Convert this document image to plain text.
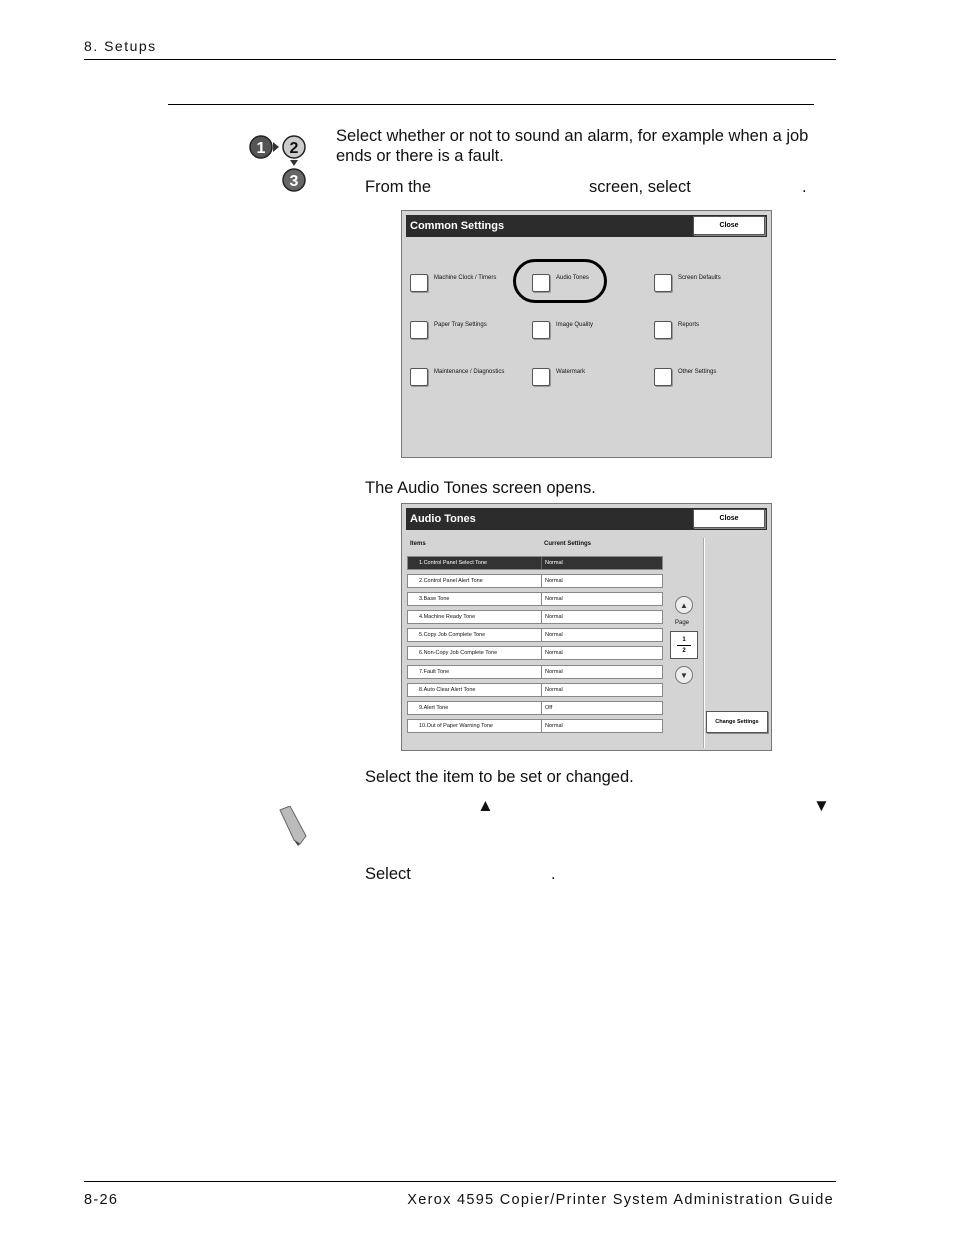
8. Setups
1 2
3
Select whether or not to sound an alarm, for example when a job
ends or there is a fault.
From the	screen, select	.
Common Settings	Close
Machine Clock / Timers	Audio Tones	Screen Defaults
Paper Tray Settings	Image Quality	Reports
Maintenance / Diagnostics	Watermark	Other Settings
The Audio Tones screen opens.
Audio Tones	Close
Items	Current Settings
1.Control Panel Select Tone	Normal
2.Control Panel Alert Tone	Normal
3.Base Tone	Normal
4.Machine Ready Tone	Normal
5.Copy Job Complete Tone	Normal
6.Non-Copy Job Complete Tone	Normal
7.Fault Tone	Normal
8.Auto Clear Alert Tone	Normal
9.Alert Tone	Off
10.Out of Paper Warning Tone	Normal
▲
Page
1
2
▼
Change Settings
Select the item to be set or changed.
▲	▼
Select	.
8-26	Xerox 4595 Copier/Printer System Administration Guide
